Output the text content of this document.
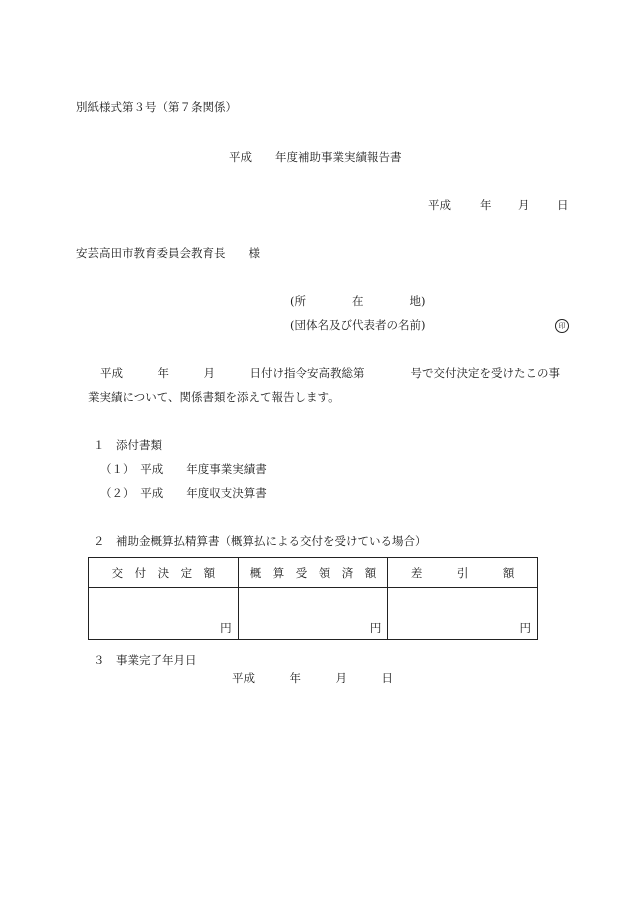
別紙様式第３号（第７条関係）
平成　　年度補助事業実績報告書
平成	年 月 日
安芸高田市教育委員会教育長　　様
(所　　　　在　　　　地)
(団体名及び代表者の名前)	印
平成　　　年　　　月　　　日付け指令安高教総第　　　　号で交付決定を受けたこの事
業実績について、関係書類を添えて報告します。
１　添付書類
（１）　平成　　年度事業実績書
（２）　平成　　年度収支決算書
２　補助金概算払精算書（概算払による交付を受けている場合）
交　付　決　定　額	概　算　受　領　済　額	差　　　引　　　額
円	円	円
３　事業完了年月日
平成　　　年　　　月　　　日
